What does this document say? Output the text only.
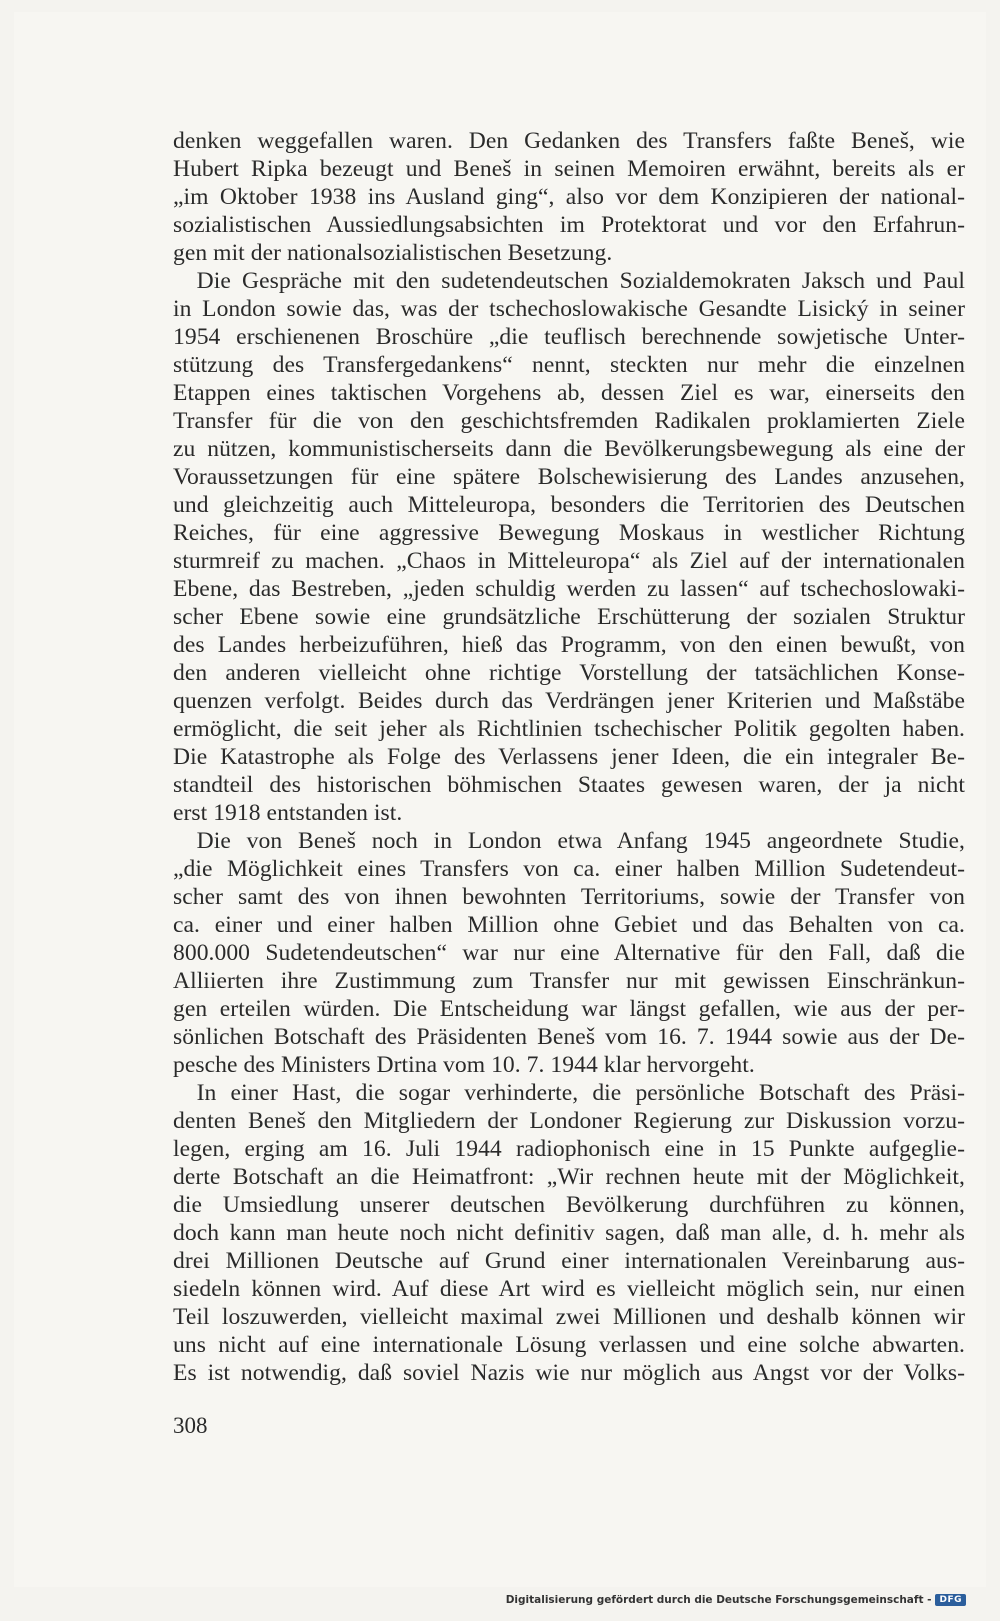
denken weggefallen waren. Den Gedanken des Transfers faßte Beneš, wie
Hubert Ripka bezeugt und Beneš in seinen Memoiren erwähnt, bereits als er
„im Oktober 1938 ins Ausland ging“, also vor dem Konzipieren der national-
sozialistischen Aussiedlungsabsichten im Protektorat und vor den Erfahrun-
gen mit der nationalsozialistischen Besetzung.
 Die Gespräche mit den sudetendeutschen Sozialdemokraten Jaksch und Paul
in London sowie das, was der tschechoslowakische Gesandte Lisický in seiner
1954 erschienenen Broschüre „die teuflisch berechnende sowjetische Unter-
stützung des Transfergedankens“ nennt, steckten nur mehr die einzelnen
Etappen eines taktischen Vorgehens ab, dessen Ziel es war, einerseits den
Transfer für die von den geschichtsfremden Radikalen proklamierten Ziele
zu nützen, kommunistischerseits dann die Bevölkerungsbewegung als eine der
Voraussetzungen für eine spätere Bolschewisierung des Landes anzusehen,
und gleichzeitig auch Mitteleuropa, besonders die Territorien des Deutschen
Reiches, für eine aggressive Bewegung Moskaus in westlicher Richtung
sturmreif zu machen. „Chaos in Mitteleuropa“ als Ziel auf der internationalen
Ebene, das Bestreben, „jeden schuldig werden zu lassen“ auf tschechoslowaki-
scher Ebene sowie eine grundsätzliche Erschütterung der sozialen Struktur
des Landes herbeizuführen, hieß das Programm, von den einen bewußt, von
den anderen vielleicht ohne richtige Vorstellung der tatsächlichen Konse-
quenzen verfolgt. Beides durch das Verdrängen jener Kriterien und Maßstäbe
ermöglicht, die seit jeher als Richtlinien tschechischer Politik gegolten haben.
Die Katastrophe als Folge des Verlassens jener Ideen, die ein integraler Be-
standteil des historischen böhmischen Staates gewesen waren, der ja nicht
erst 1918 entstanden ist.
 Die von Beneš noch in London etwa Anfang 1945 angeordnete Studie,
„die Möglichkeit eines Transfers von ca. einer halben Million Sudetendeut-
scher samt des von ihnen bewohnten Territoriums, sowie der Transfer von
ca. einer und einer halben Million ohne Gebiet und das Behalten von ca.
800.000 Sudetendeutschen“ war nur eine Alternative für den Fall, daß die
Alliierten ihre Zustimmung zum Transfer nur mit gewissen Einschränkun-
gen erteilen würden. Die Entscheidung war längst gefallen, wie aus der per-
sönlichen Botschaft des Präsidenten Beneš vom 16. 7. 1944 sowie aus der De-
pesche des Ministers Drtina vom 10. 7. 1944 klar hervorgeht.
 In einer Hast, die sogar verhinderte, die persönliche Botschaft des Präsi-
denten Beneš den Mitgliedern der Londoner Regierung zur Diskussion vorzu-
legen, erging am 16. Juli 1944 radiophonisch eine in 15 Punkte aufgeglie-
derte Botschaft an die Heimatfront: „Wir rechnen heute mit der Möglichkeit,
die Umsiedlung unserer deutschen Bevölkerung durchführen zu können,
doch kann man heute noch nicht definitiv sagen, daß man alle, d. h. mehr als
drei Millionen Deutsche auf Grund einer internationalen Vereinbarung aus-
siedeln können wird. Auf diese Art wird es vielleicht möglich sein, nur einen
Teil loszuwerden, vielleicht maximal zwei Millionen und deshalb können wir
uns nicht auf eine internationale Lösung verlassen und eine solche abwarten.
Es ist notwendig, daß soviel Nazis wie nur möglich aus Angst vor der Volks-
308
Digitalisierung gefördert durch die Deutsche Forschungsgemeinschaft - DFG
